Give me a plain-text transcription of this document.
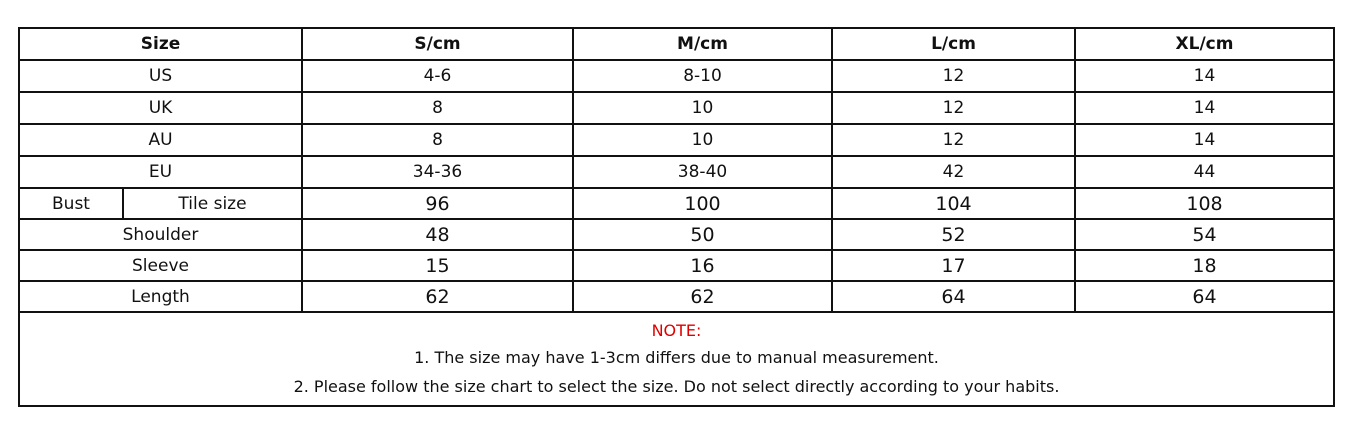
Size		S/cm	M/cm	L/cm	XL/cm
US		4-6	8-10	12	14
UK		8	10	12	14
AU		8	10	12	14
EU		34-36	38-40	42	44
Bust	Tile size	96	100	104	108
Shoulder		48	50	52	54
Sleeve		15	16	17	18
Length		62	62	64	64

NOTE:
1. The size may have 1-3cm differs due to manual measurement.
2. Please follow the size chart to select the size. Do not select directly according to your habits.					
